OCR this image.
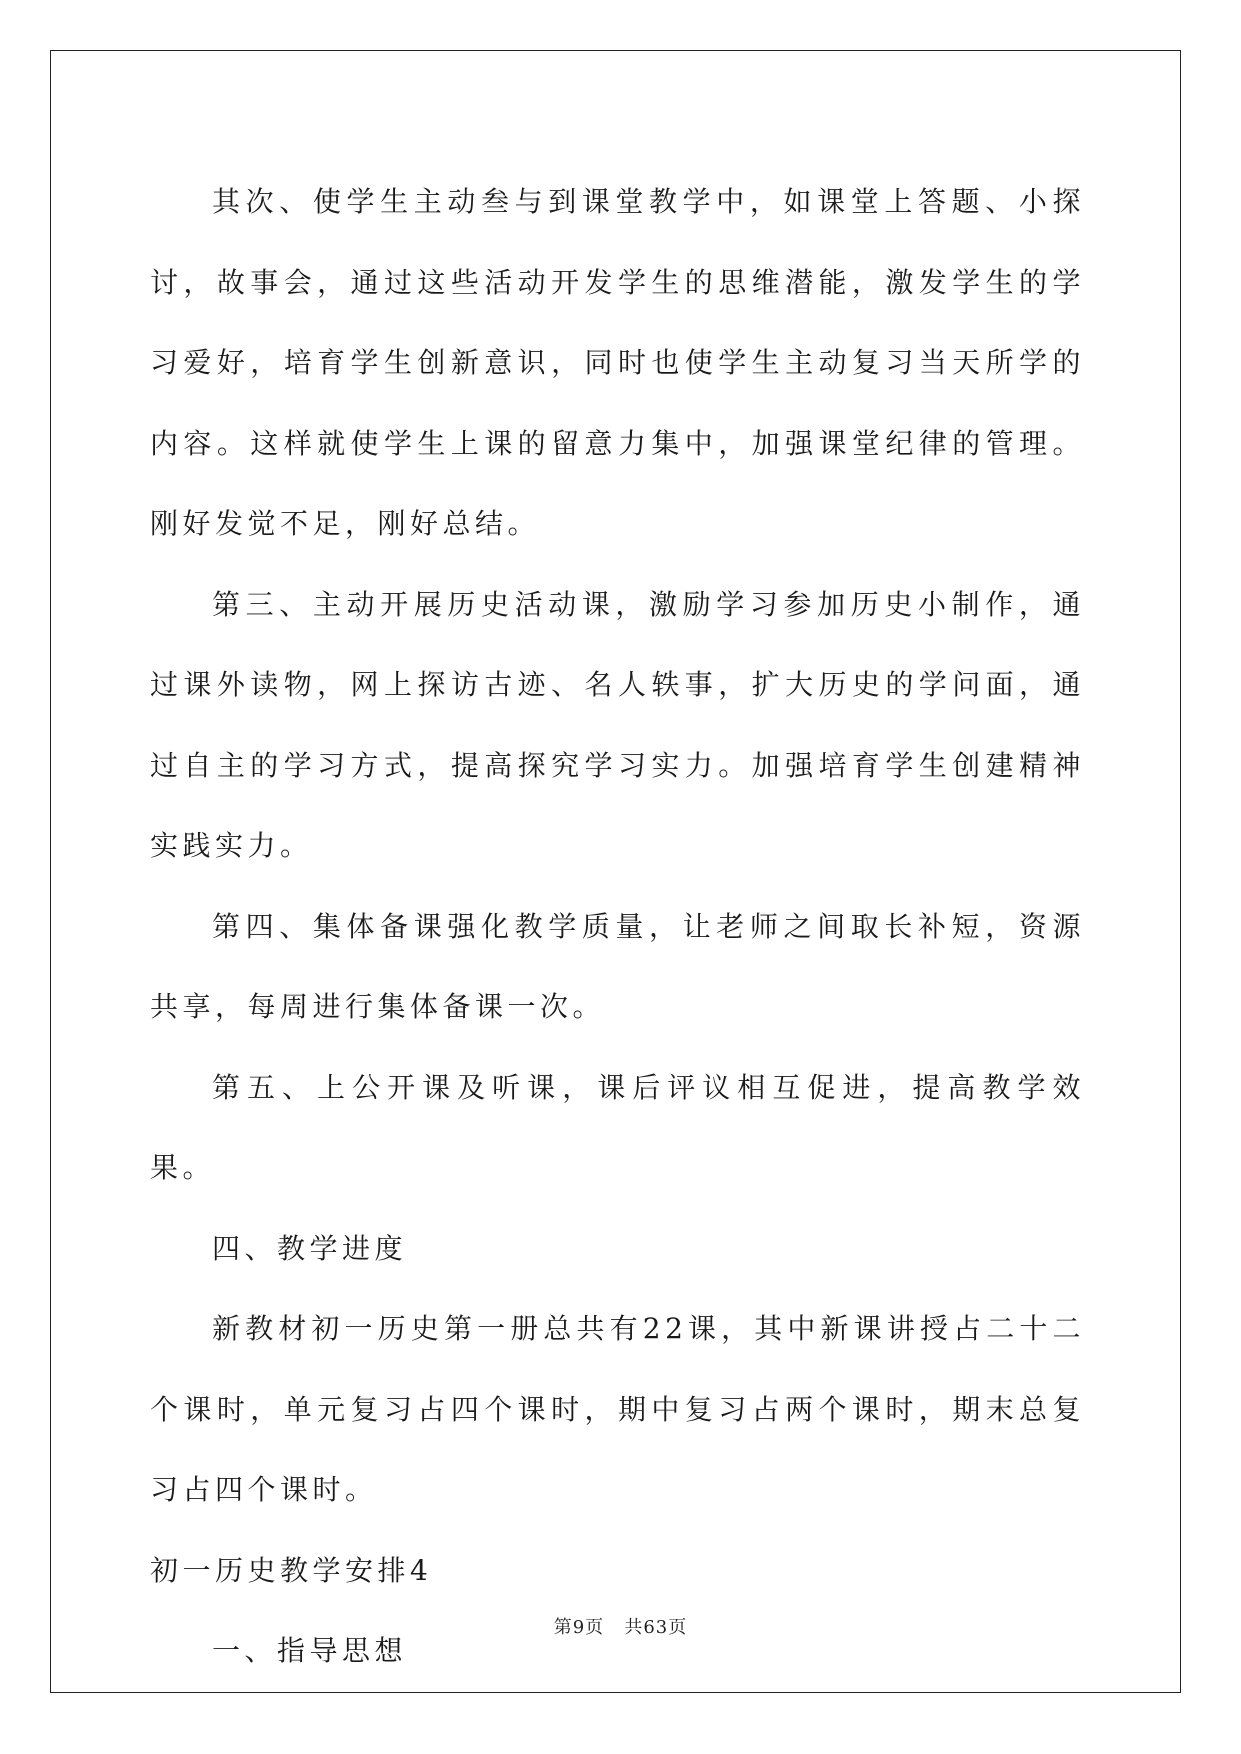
其次、使学生主动叁与到课堂教学中，如课堂上答题、小探讨，故事会，通过这些活动开发学生的思维潜能，激发学生的学习爱好，培育学生创新意识，同时也使学生主动复习当天所学的内容。这样就使学生上课的留意力集中，加强课堂纪律的管理。刚好发觉不足，刚好总结。

第三、主动开展历史活动课，激励学习参加历史小制作，通过课外读物，网上探访古迹、名人轶事，扩大历史的学问面，通过自主的学习方式，提高探究学习实力。加强培育学生创建精神实践实力。

第四、集体备课强化教学质量，让老师之间取长补短，资源共享，每周进行集体备课一次。

第五、上公开课及听课，课后评议相互促进，提高教学效果。

四、教学进度

新教材初一历史第一册总共有22课，其中新课讲授占二十二个课时，单元复习占四个课时，期中复习占两个课时，期末总复习占四个课时。

初一历史教学安排4

一、指导思想

第9页 共63页
